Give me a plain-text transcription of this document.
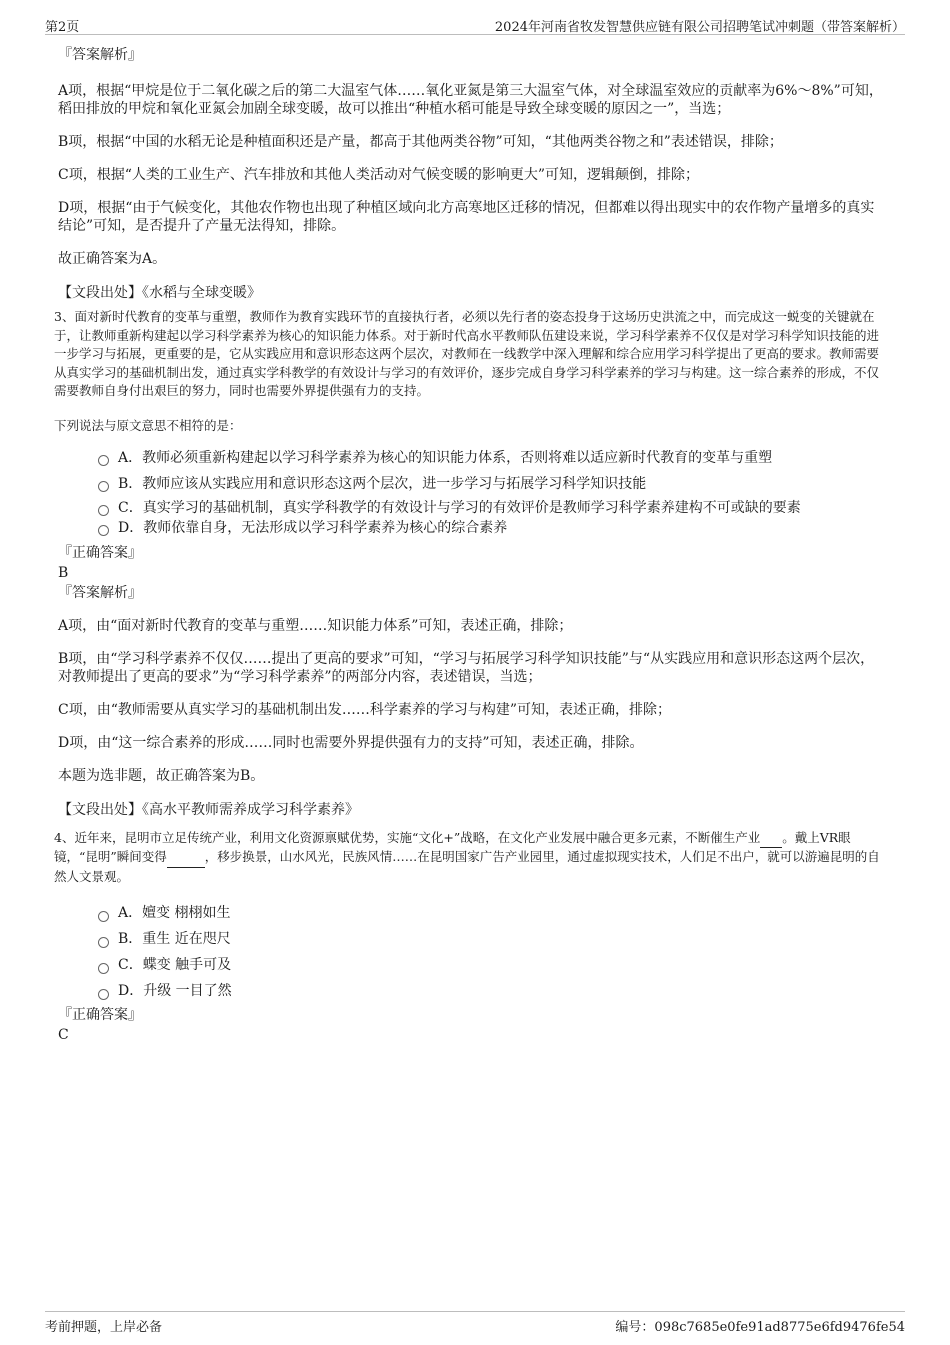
第2页	2024年河南省牧发智慧供应链有限公司招聘笔试冲刺题（带答案解析）

『答案解析』

A项，根据“甲烷是位于二氧化碳之后的第二大温室气体……氧化亚氮是第三大温室气体，对全球温室效应的贡献率为6%～8%”可知，稻田排放的甲烷和氧化亚氮会加剧全球变暖，故可以推出“种植水稻可能是导致全球变暖的原因之一”，当选；

B项，根据“中国的水稻无论是种植面积还是产量，都高于其他两类谷物”可知，“其他两类谷物之和”表述错误，排除；

C项，根据“人类的工业生产、汽车排放和其他人类活动对气候变暖的影响更大”可知，逻辑颠倒，排除；

D项，根据“由于气候变化，其他农作物也出现了种植区域向北方高寒地区迁移的情况，但都难以得出现实中的农作物产量增多的真实结论”可知，是否提升了产量无法得知，排除。

故正确答案为A。

【文段出处】《水稻与全球变暖》

3、面对新时代教育的变革与重塑，教师作为教育实践环节的直接执行者，必须以先行者的姿态投身于这场历史洪流之中，而完成这一蜕变的关键就在于，让教师重新构建起以学习科学素养为核心的知识能力体系。对于新时代高水平教师队伍建设来说，学习科学素养不仅仅是对学习科学知识技能的进一步学习与拓展，更重要的是，它从实践应用和意识形态这两个层次，对教师在一线教学中深入理解和综合应用学习科学提出了更高的要求。教师需要从真实学习的基础机制出发，通过真实学科教学的有效设计与学习的有效评价，逐步完成自身学习科学素养的学习与构建。这一综合素养的形成，不仅需要教师自身付出艰巨的努力，同时也需要外界提供强有力的支持。

下列说法与原文意思不相符的是：

A．教师必须重新构建起以学习科学素养为核心的知识能力体系，否则将难以适应新时代教育的变革与重塑
B．教师应该从实践应用和意识形态这两个层次，进一步学习与拓展学习科学知识技能
C．真实学习的基础机制，真实学科教学的有效设计与学习的有效评价是教师学习科学素养建构不可或缺的要素
D．教师依靠自身，无法形成以学习科学素养为核心的综合素养

『正确答案』

B

『答案解析』

A项，由“面对新时代教育的变革与重塑……知识能力体系”可知，表述正确，排除；

B项，由“学习科学素养不仅仅……提出了更高的要求”可知，“学习与拓展学习科学知识技能”与“从实践应用和意识形态这两个层次，对教师提出了更高的要求”为“学习科学素养”的两部分内容，表述错误，当选；

C项，由“教师需要从真实学习的基础机制出发……科学素养的学习与构建”可知，表述正确，排除；

D项，由“这一综合素养的形成……同时也需要外界提供强有力的支持”可知，表述正确，排除。

本题为选非题，故正确答案为B。

【文段出处】《高水平教师需养成学习科学素养》

4、近年来，昆明市立足传统产业，利用文化资源禀赋优势，实施“文化+”战略，在文化产业发展中融合更多元素，不断催生产业 。戴上VR眼镜，“昆明”瞬间变得	，移步换景，山水风光，民族风情……在昆明国家广告产业园里，通过虚拟现实技术，人们足不出户，就可以游遍昆明的自然人文景观。

A．嬗变 栩栩如生
B．重生 近在咫尺
C．蝶变 触手可及
D．升级 一目了然

『正确答案』

C

考前押题，上岸必备	编号：098c7685e0fe91ad8775e6fd9476fe54
